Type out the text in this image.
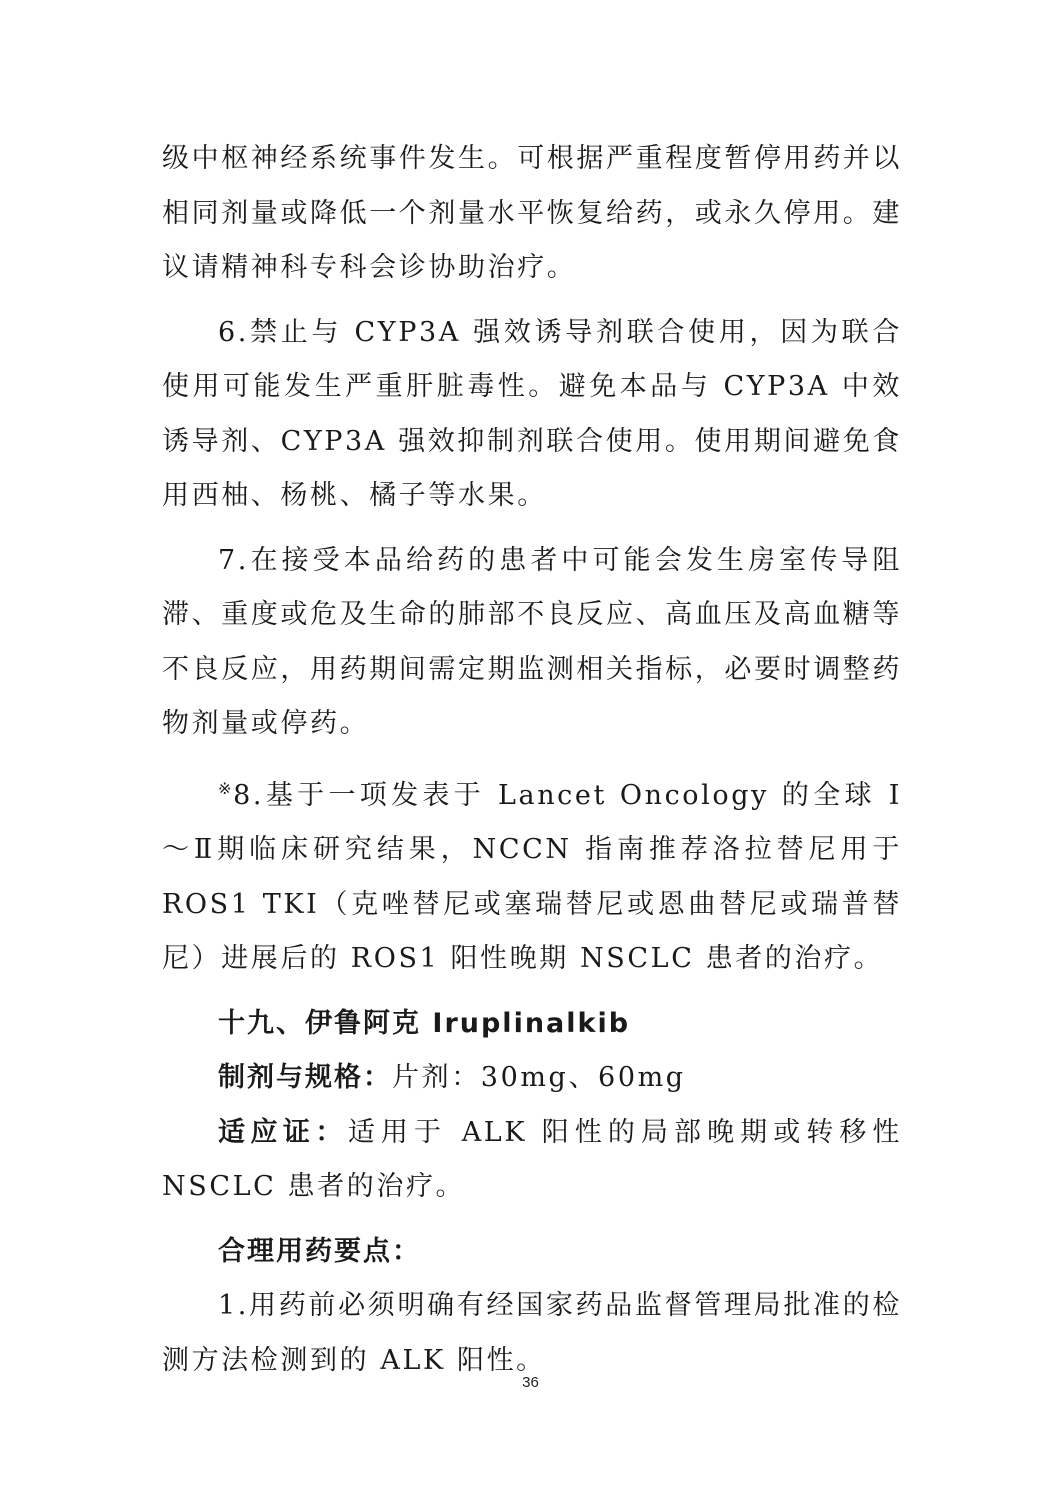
级中枢神经系统事件发生。可根据严重程度暂停用药并以相同剂量或降低一个剂量水平恢复给药，或永久停用。建议请精神科专科会诊协助治疗。

6.禁止与 CYP3A 强效诱导剂联合使用，因为联合使用可能发生严重肝脏毒性。避免本品与 CYP3A 中效诱导剂、CYP3A 强效抑制剂联合使用。使用期间避免食用西柚、杨桃、橘子等水果。

7.在接受本品给药的患者中可能会发生房室传导阻滞、重度或危及生命的肺部不良反应、高血压及高血糖等不良反应，用药期间需定期监测相关指标，必要时调整药物剂量或停药。

※8.基于一项发表于 Lancet Oncology 的全球 Ⅰ～Ⅱ期临床研究结果，NCCN 指南推荐洛拉替尼用于 ROS1 TKI（克唑替尼或塞瑞替尼或恩曲替尼或瑞普替尼）进展后的 ROS1 阳性晚期 NSCLC 患者的治疗。

十九、伊鲁阿克 Iruplinalkib

制剂与规格：片剂：30mg、60mg

适应证：适用于 ALK 阳性的局部晚期或转移性 NSCLC 患者的治疗。

合理用药要点：

1.用药前必须明确有经国家药品监督管理局批准的检测方法检测到的 ALK 阳性。

36
